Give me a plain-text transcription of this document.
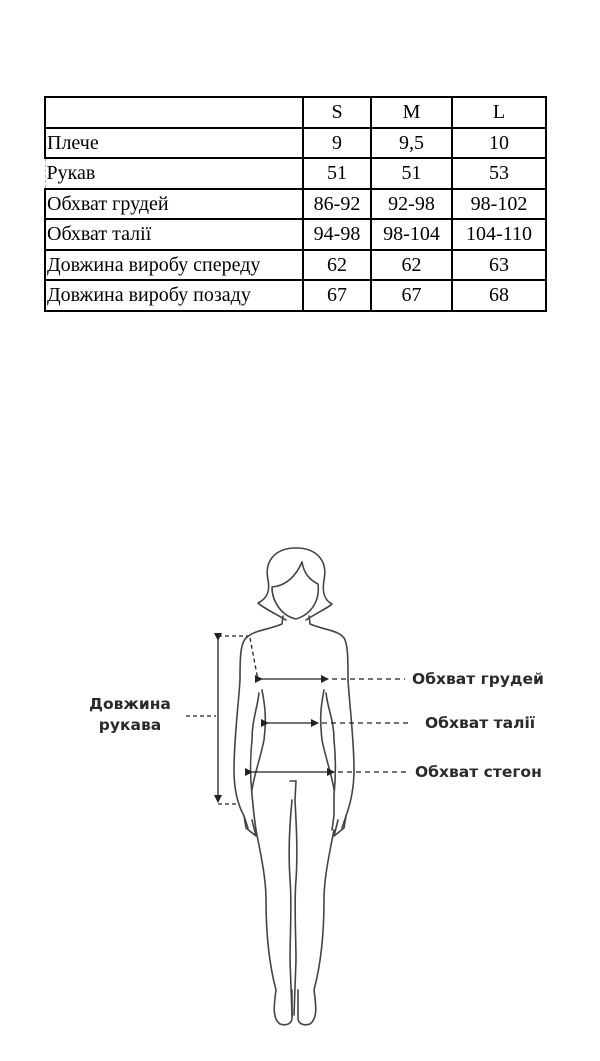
	S	M	L
Плече	9	9,5	10
Рукав	51	51	53
Обхват грудей	86-92	92-98	98-102
Обхват талії	94-98	98-104	104-110
Довжина виробу спереду	62	62	63
Довжина виробу позаду	67	67	68
Довжина
рукава
Обхват грудей
Обхват талії
Обхват стегон
